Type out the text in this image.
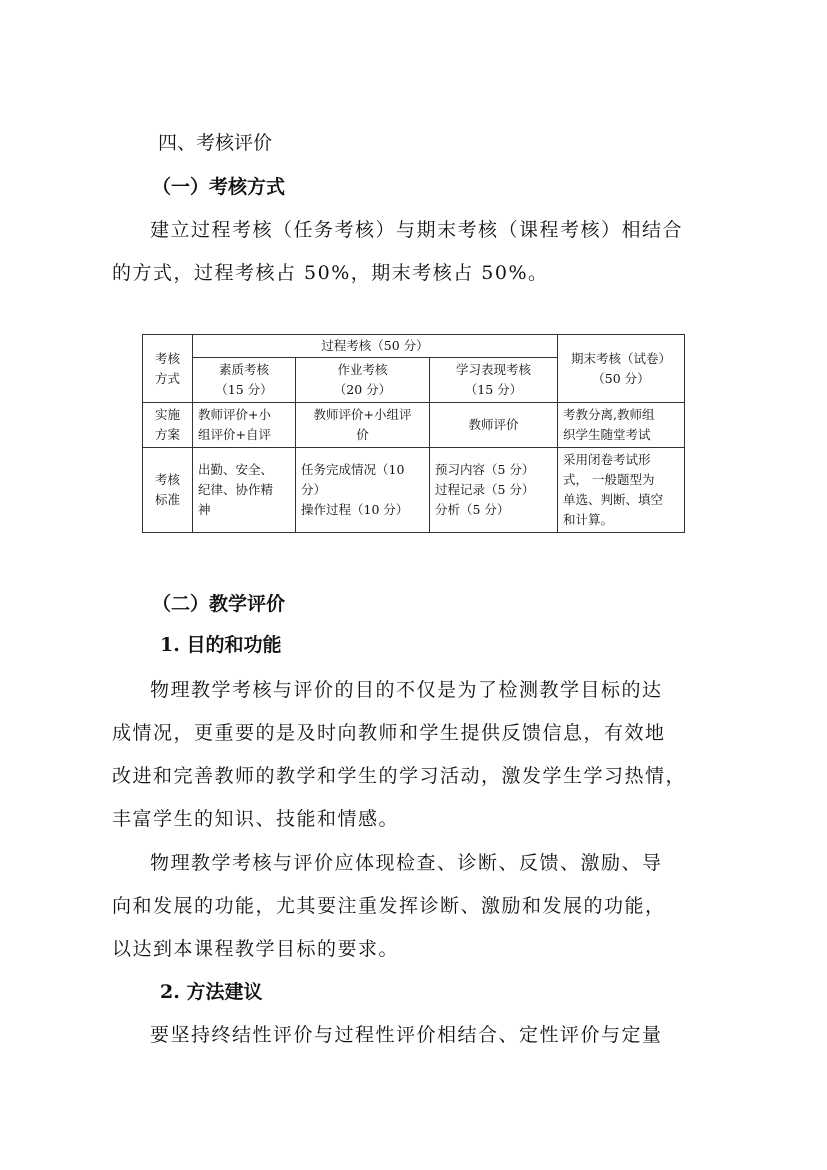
四、考核评价
（一）考核方式
建立过程考核（任务考核）与期末考核（课程考核）相结合
的方式，过程考核占 50%，期末考核占 50%。
考核
方式	过程考核（50 分）			期末考核（试卷）
（50 分）

	素质考核
（15 分）	作业考核
（20 分）	学习表现考核
（15 分）	

实施
方案	教师评价+小
组评价+自评	教师评价+小组评
价	教师评价	考教分离,教师组
织学生随堂考试

考核
标准	出勤、安全、
纪律、协作精
神	任务完成情况（10
分）
操作过程（10 分）	预习内容（5 分）
过程记录（5 分）
分析（5 分）	采用闭卷考试形
式， 一般题型为
单选、判断、填空
和计算。
（二）教学评价
1. 目的和功能
物理教学考核与评价的目的不仅是为了检测教学目标的达
成情况，更重要的是及时向教师和学生提供反馈信息，有效地
改进和完善教师的教学和学生的学习活动，激发学生学习热情，
丰富学生的知识、技能和情感。
物理教学考核与评价应体现检查、诊断、反馈、激励、导
向和发展的功能，尤其要注重发挥诊断、激励和发展的功能，
以达到本课程教学目标的要求。
2. 方法建议
要坚持终结性评价与过程性评价相结合、定性评价与定量
